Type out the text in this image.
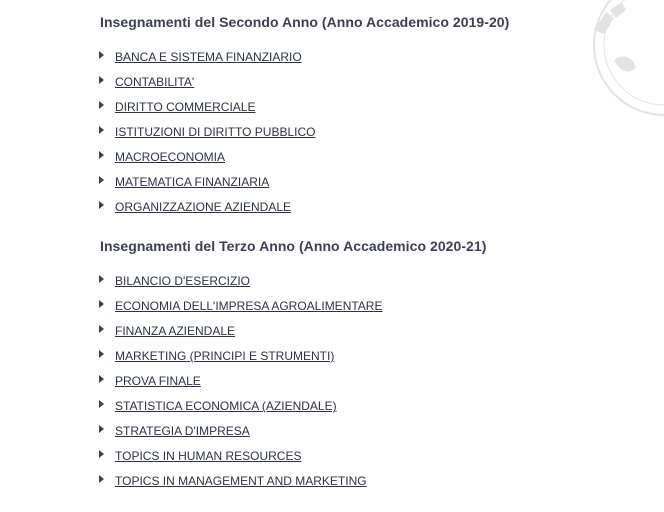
Insegnamenti del Secondo Anno (Anno Accademico 2019-20)
BANCA E SISTEMA FINANZIARIO
CONTABILITA'
DIRITTO COMMERCIALE
ISTITUZIONI DI DIRITTO PUBBLICO
MACROECONOMIA
MATEMATICA FINANZIARIA
ORGANIZZAZIONE AZIENDALE
Insegnamenti del Terzo Anno (Anno Accademico 2020-21)
BILANCIO D'ESERCIZIO
ECONOMIA DELL'IMPRESA AGROALIMENTARE
FINANZA AZIENDALE
MARKETING (PRINCIPI E STRUMENTI)
PROVA FINALE
STATISTICA ECONOMICA (AZIENDALE)
STRATEGIA D'IMPRESA
TOPICS IN HUMAN RESOURCES
TOPICS IN MANAGEMENT AND MARKETING
